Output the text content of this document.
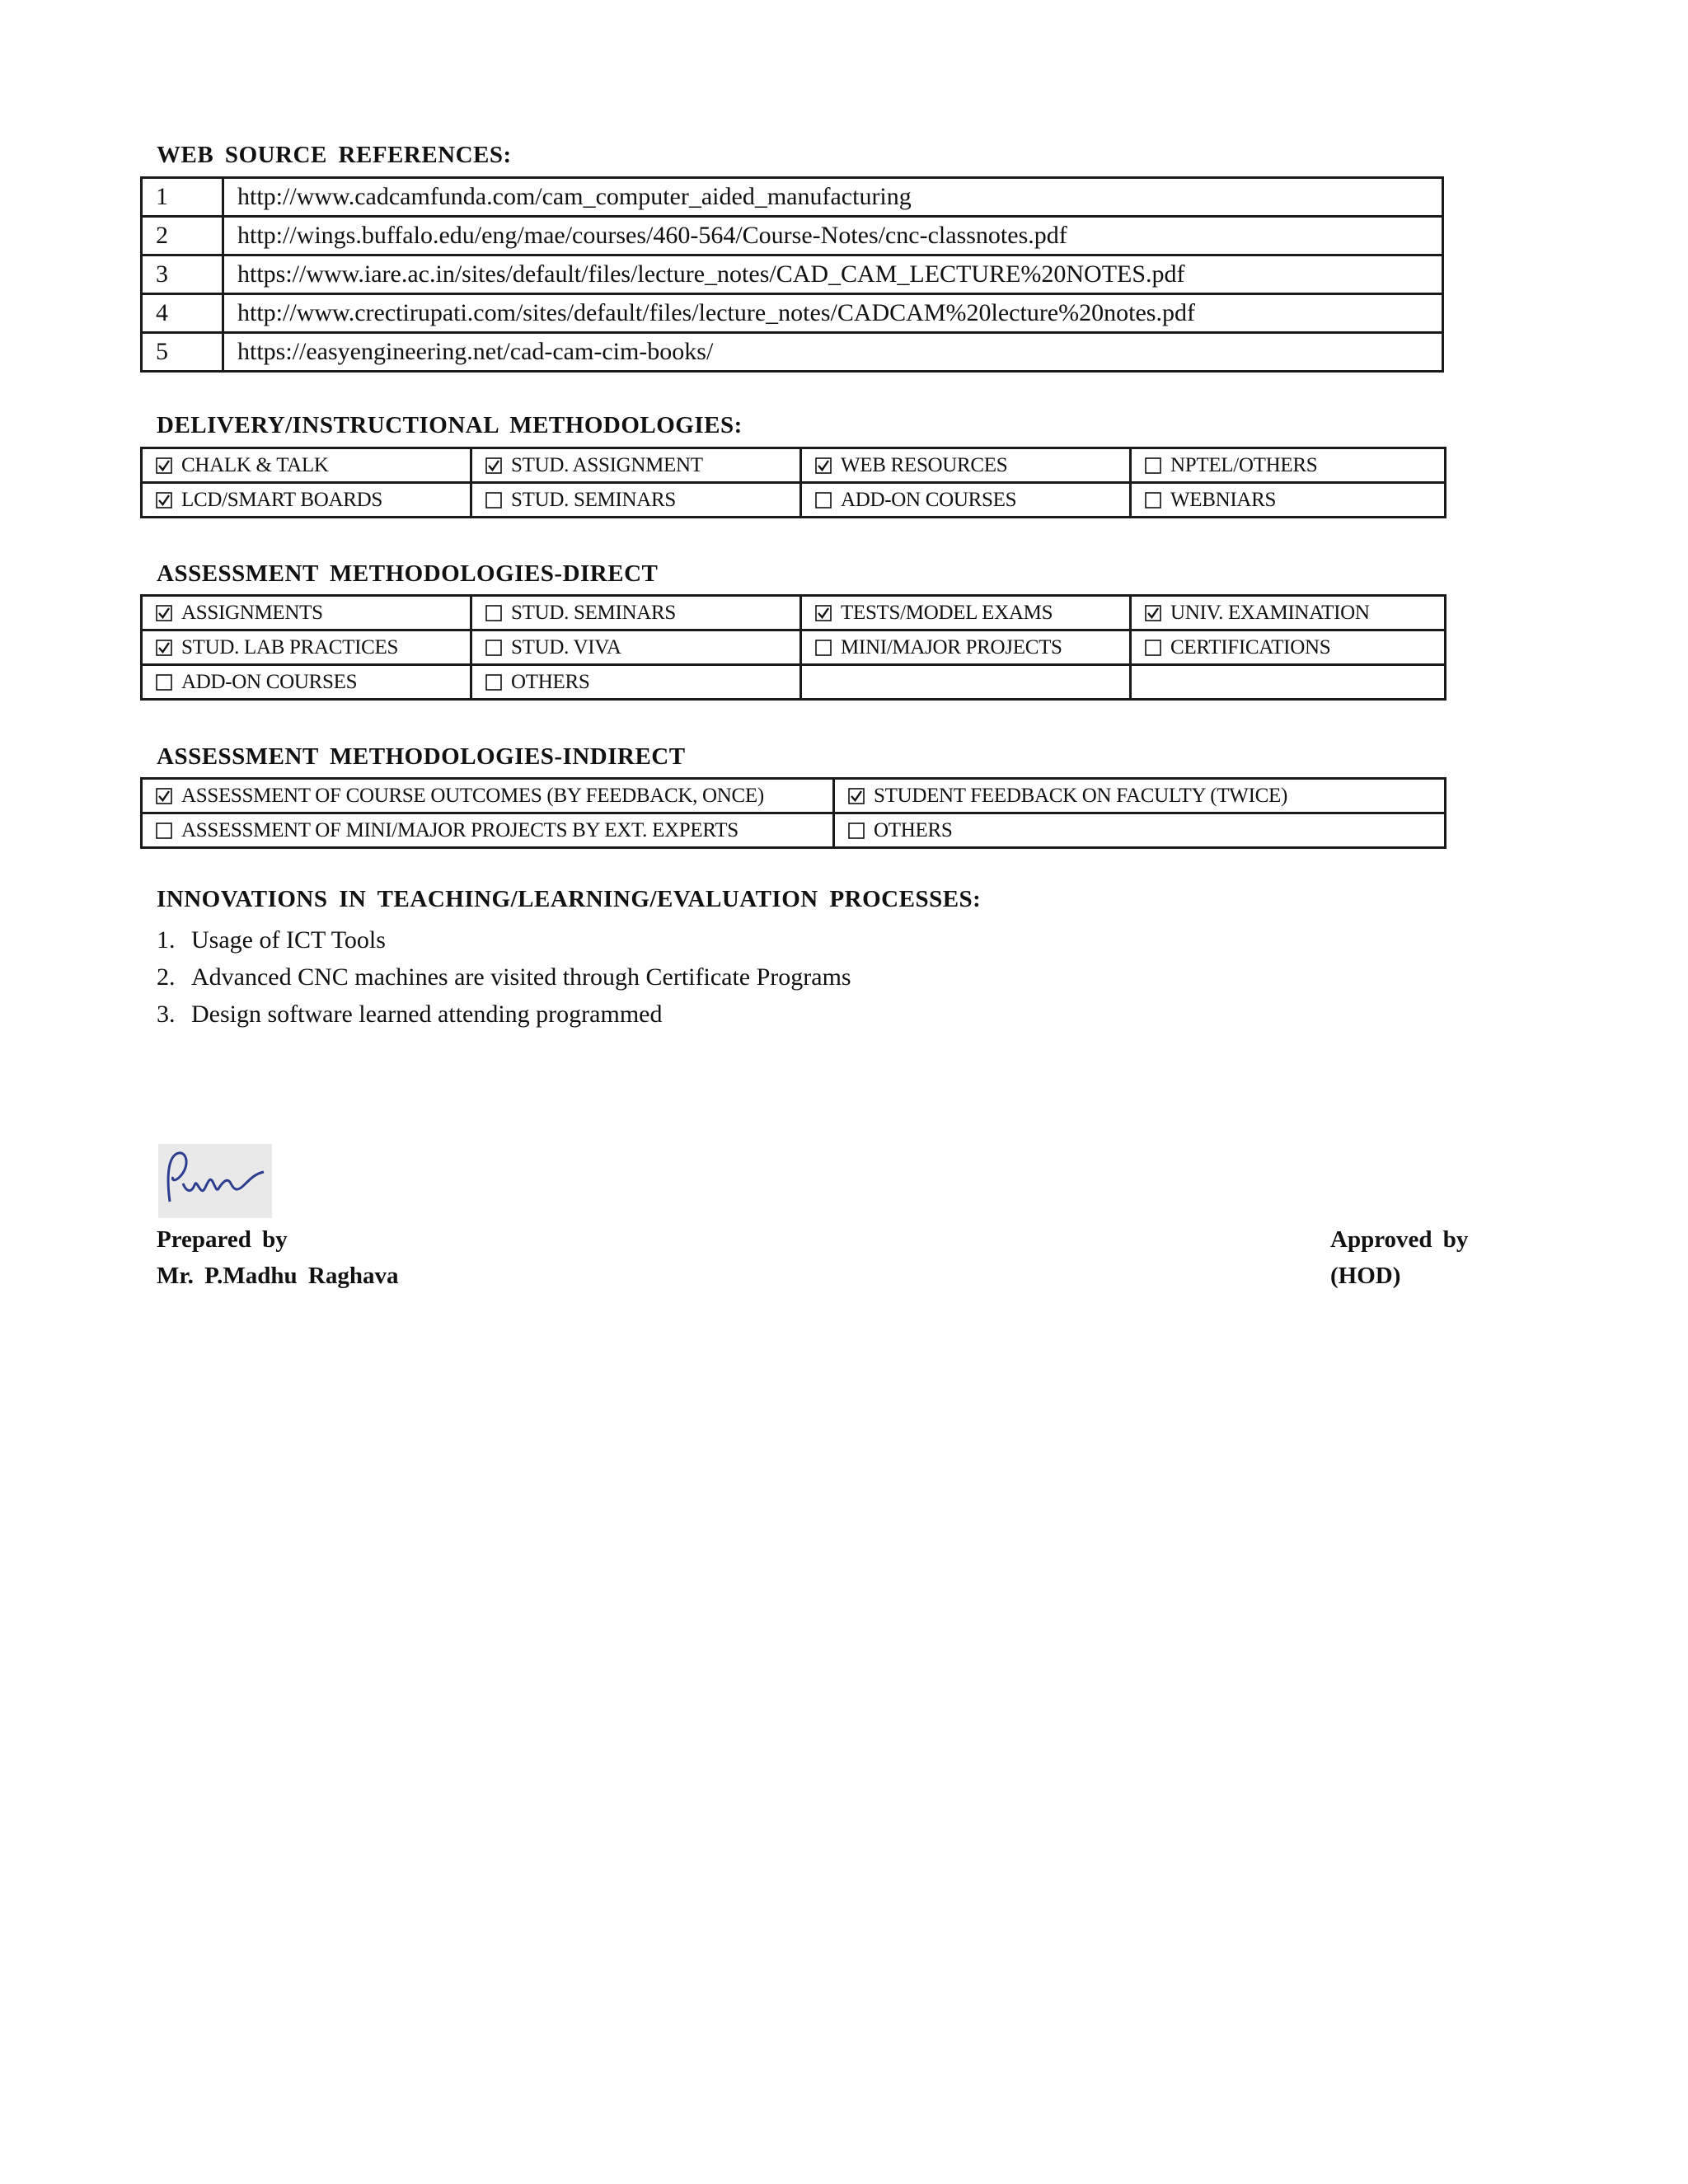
WEB SOURCE REFERENCES:
1	http://www.cadcamfunda.com/cam_computer_aided_manufacturing
2	http://wings.buffalo.edu/eng/mae/courses/460-564/Course-Notes/cnc-classnotes.pdf
3	https://www.iare.ac.in/sites/default/files/lecture_notes/CAD_CAM_LECTURE%20NOTES.pdf
4	http://www.crectirupati.com/sites/default/files/lecture_notes/CADCAM%20lecture%20notes.pdf
5	https://easyengineering.net/cad-cam-cim-books/
DELIVERY/INSTRUCTIONAL METHODOLOGIES:
CHALK & TALK	STUD. ASSIGNMENT	WEB RESOURCES	NPTEL/OTHERS
LCD/SMART BOARDS	STUD. SEMINARS	ADD-ON COURSES	WEBNIARS
ASSESSMENT METHODOLOGIES-DIRECT
ASSIGNMENTS	STUD. SEMINARS	TESTS/MODEL EXAMS	UNIV. EXAMINATION
STUD. LAB PRACTICES	STUD. VIVA	MINI/MAJOR PROJECTS	CERTIFICATIONS
ADD-ON COURSES	OTHERS		
ASSESSMENT METHODOLOGIES-INDIRECT
ASSESSMENT OF COURSE OUTCOMES (BY FEEDBACK, ONCE)	STUDENT FEEDBACK ON FACULTY (TWICE)
ASSESSMENT OF MINI/MAJOR PROJECTS BY EXT. EXPERTS	OTHERS
INNOVATIONS IN TEACHING/LEARNING/EVALUATION PROCESSES:
1. Usage of ICT Tools
2. Advanced CNC machines are visited through Certificate Programs
3. Design software learned attending programmed
Prepared by
Mr. P.Madhu Raghava
Approved by
(HOD)
